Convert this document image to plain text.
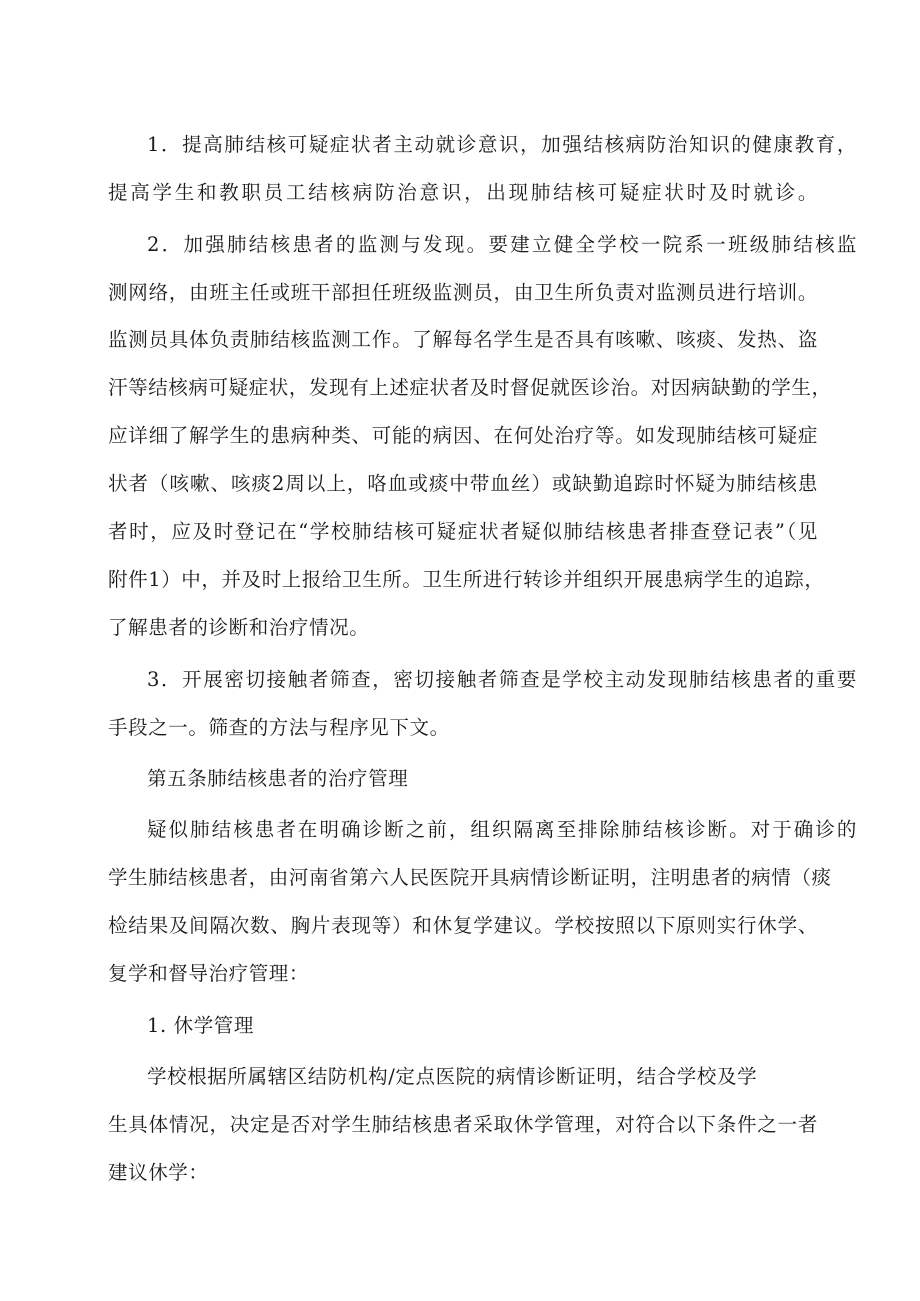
1．提高肺结核可疑症状者主动就诊意识，加强结核病防治知识的健康教育，
提高学生和教职员工结核病防治意识，出现肺结核可疑症状时及时就诊。
2．加强肺结核患者的监测与发现。要建立健全学校一院系一班级肺结核监
测网络，由班主任或班干部担任班级监测员，由卫生所负责对监测员进行培训。
监测员具体负责肺结核监测工作。了解每名学生是否具有咳嗽、咳痰、发热、盗
汗等结核病可疑症状，发现有上述症状者及时督促就医诊治。对因病缺勤的学生，
应详细了解学生的患病种类、可能的病因、在何处治疗等。如发现肺结核可疑症
状者（咳嗽、咳痰2周以上，咯血或痰中带血丝）或缺勤追踪时怀疑为肺结核患
者时，应及时登记在“学校肺结核可疑症状者疑似肺结核患者排查登记表”（见
附件1）中，并及时上报给卫生所。卫生所进行转诊并组织开展患病学生的追踪，
了解患者的诊断和治疗情况。
3．开展密切接触者筛查，密切接触者筛查是学校主动发现肺结核患者的重要
手段之一。筛查的方法与程序见下文。
第五条肺结核患者的治疗管理
疑似肺结核患者在明确诊断之前，组织隔离至排除肺结核诊断。对于确诊的
学生肺结核患者，由河南省第六人民医院开具病情诊断证明，注明患者的病情（痰
检结果及间隔次数、胸片表现等）和休复学建议。学校按照以下原则实行休学、
复学和督导治疗管理：
1. 休学管理
学校根据所属辖区结防机构/定点医院的病情诊断证明，结合学校及学
生具体情况，决定是否对学生肺结核患者采取休学管理，对符合以下条件之一者
建议休学：
